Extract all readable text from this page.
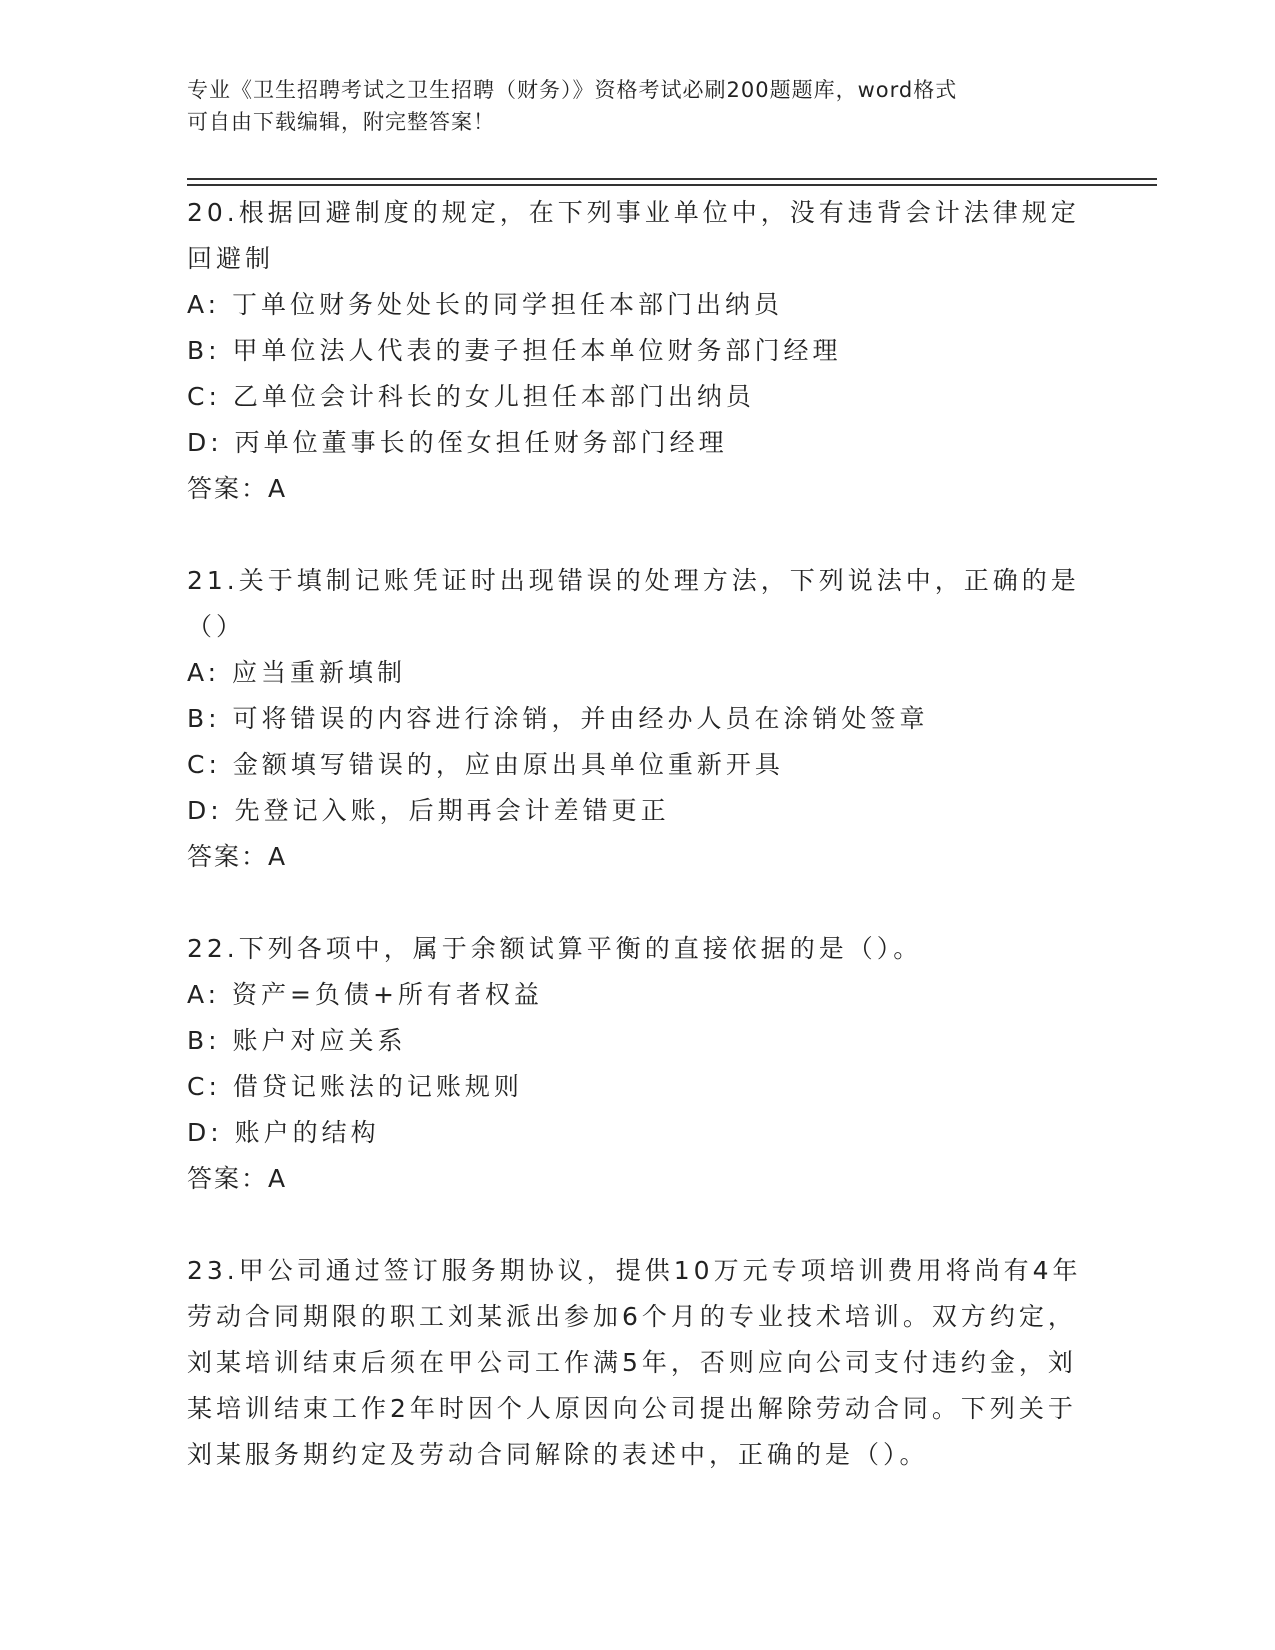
专业《卫生招聘考试之卫生招聘（财务）》资格考试必刷200题题库，word格式
可自由下载编辑，附完整答案！

20.根据回避制度的规定，在下列事业单位中，没有违背会计法律规定回避制

A: 丁单位财务处处长的同学担任本部门出纳员

B: 甲单位法人代表的妻子担任本单位财务部门经理

C: 乙单位会计科长的女儿担任本部门出纳员

D: 丙单位董事长的侄女担任财务部门经理

答案：A

21.关于填制记账凭证时出现错误的处理方法，下列说法中，正确的是（）

A: 应当重新填制

B: 可将错误的内容进行涂销，并由经办人员在涂销处签章

C: 金额填写错误的，应由原出具单位重新开具

D: 先登记入账，后期再会计差错更正

答案：A

22.下列各项中，属于余额试算平衡的直接依据的是（）。

A: 资产=负债+所有者权益

B: 账户对应关系

C: 借贷记账法的记账规则

D: 账户的结构

答案：A

23.甲公司通过签订服务期协议，提供10万元专项培训费用将尚有4年劳动合同期限的职工刘某派出参加6个月的专业技术培训。双方约定，刘某培训结束后须在甲公司工作满5年，否则应向公司支付违约金，刘某培训结束工作2年时因个人原因向公司提出解除劳动合同。下列关于刘某服务期约定及劳动合同解除的表述中，正确的是（）。
